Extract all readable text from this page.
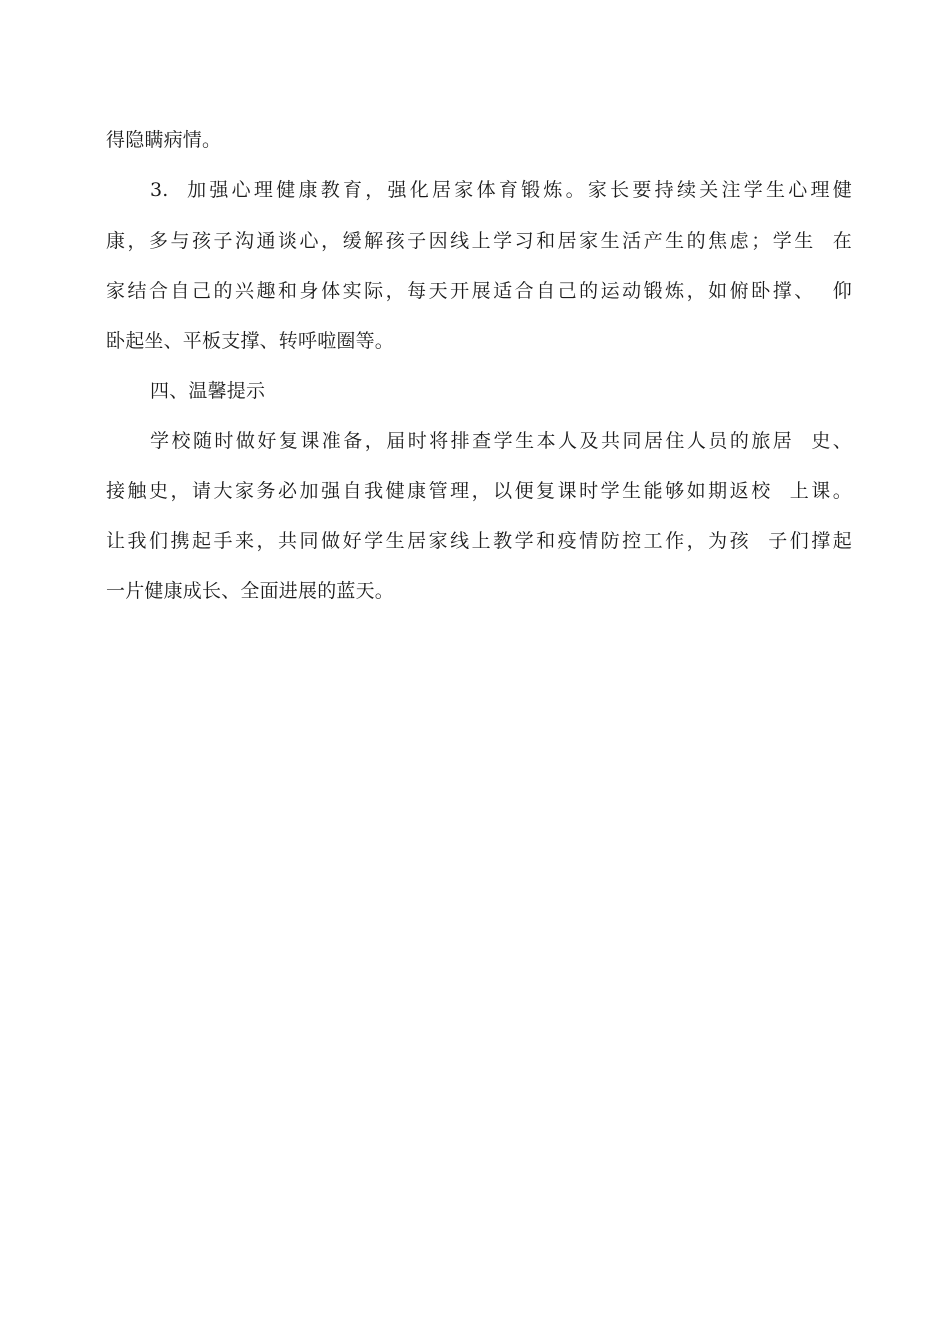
得隐瞒病情。
3.  加强心理健康教育，强化居家体育锻炼。家长要持续关注学生心理健
康，多与孩子沟通谈心，缓解孩子因线上学习和居家生活产生的焦虑；学生  在
家结合自己的兴趣和身体实际，每天开展适合自己的运动锻炼，如俯卧撑、  仰
卧起坐、平板支撑、转呼啦圈等。
四、温馨提示
学校随时做好复课准备，届时将排查学生本人及共同居住人员的旅居  史、
接触史，请大家务必加强自我健康管理，以便复课时学生能够如期返校  上课。
让我们携起手来，共同做好学生居家线上教学和疫情防控工作，为孩  子们撑起
一片健康成长、全面进展的蓝天。
